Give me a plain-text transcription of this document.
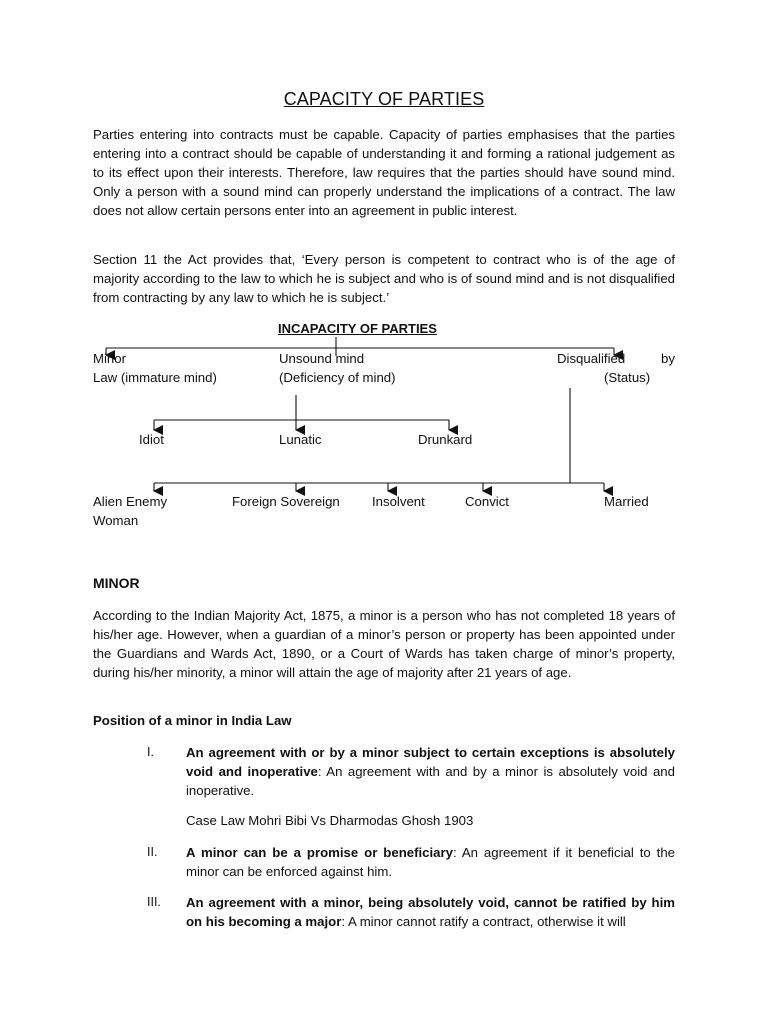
CAPACITY OF PARTIES

Parties entering into contracts must be capable. Capacity of parties emphasises that the parties entering into a contract should be capable of understanding it and forming a rational judgement as to its effect upon their interests. Therefore, law requires that the parties should have sound mind. Only a person with a sound mind can properly understand the implications of a contract. The law does not allow certain persons enter into an agreement in public interest.

Section 11 the Act provides that, ‘Every person is competent to contract who is of the age of majority according to the law to which he is subject and who is of sound mind and is not disqualified from contracting by any law to which he is subject.’

INCAPACITY OF PARTIES
Minor
Law (immature mind)
Unsound mind
(Deficiency of mind)
Disqualified	by
(Status)
Idiot	Lunatic	Drunkard
Alien Enemy
Woman
Foreign Sovereign Insolvent	Convict	Married
MINOR

According to the Indian Majority Act, 1875, a minor is a person who has not completed 18 years of his/her age. However, when a guardian of a minor’s person or property has been appointed under the Guardians and Wards Act, 1890, or a Court of Wards has taken charge of minor’s property, during his/her minority, a minor will attain the age of majority after 21 years of age.

Position of a minor in India Law
I.	An agreement with or by a minor subject to certain exceptions is absolutely void and inoperative: An agreement with and by a minor is absolutely void and inoperative.
Case Law Mohri Bibi Vs Dharmodas Ghosh 1903
II.	A minor can be a promise or beneficiary: An agreement if it beneficial to the minor can be enforced against him.
III.	An agreement with a minor, being absolutely void, cannot be ratified by him on his becoming a major: A minor cannot ratify a contract, otherwise it will
